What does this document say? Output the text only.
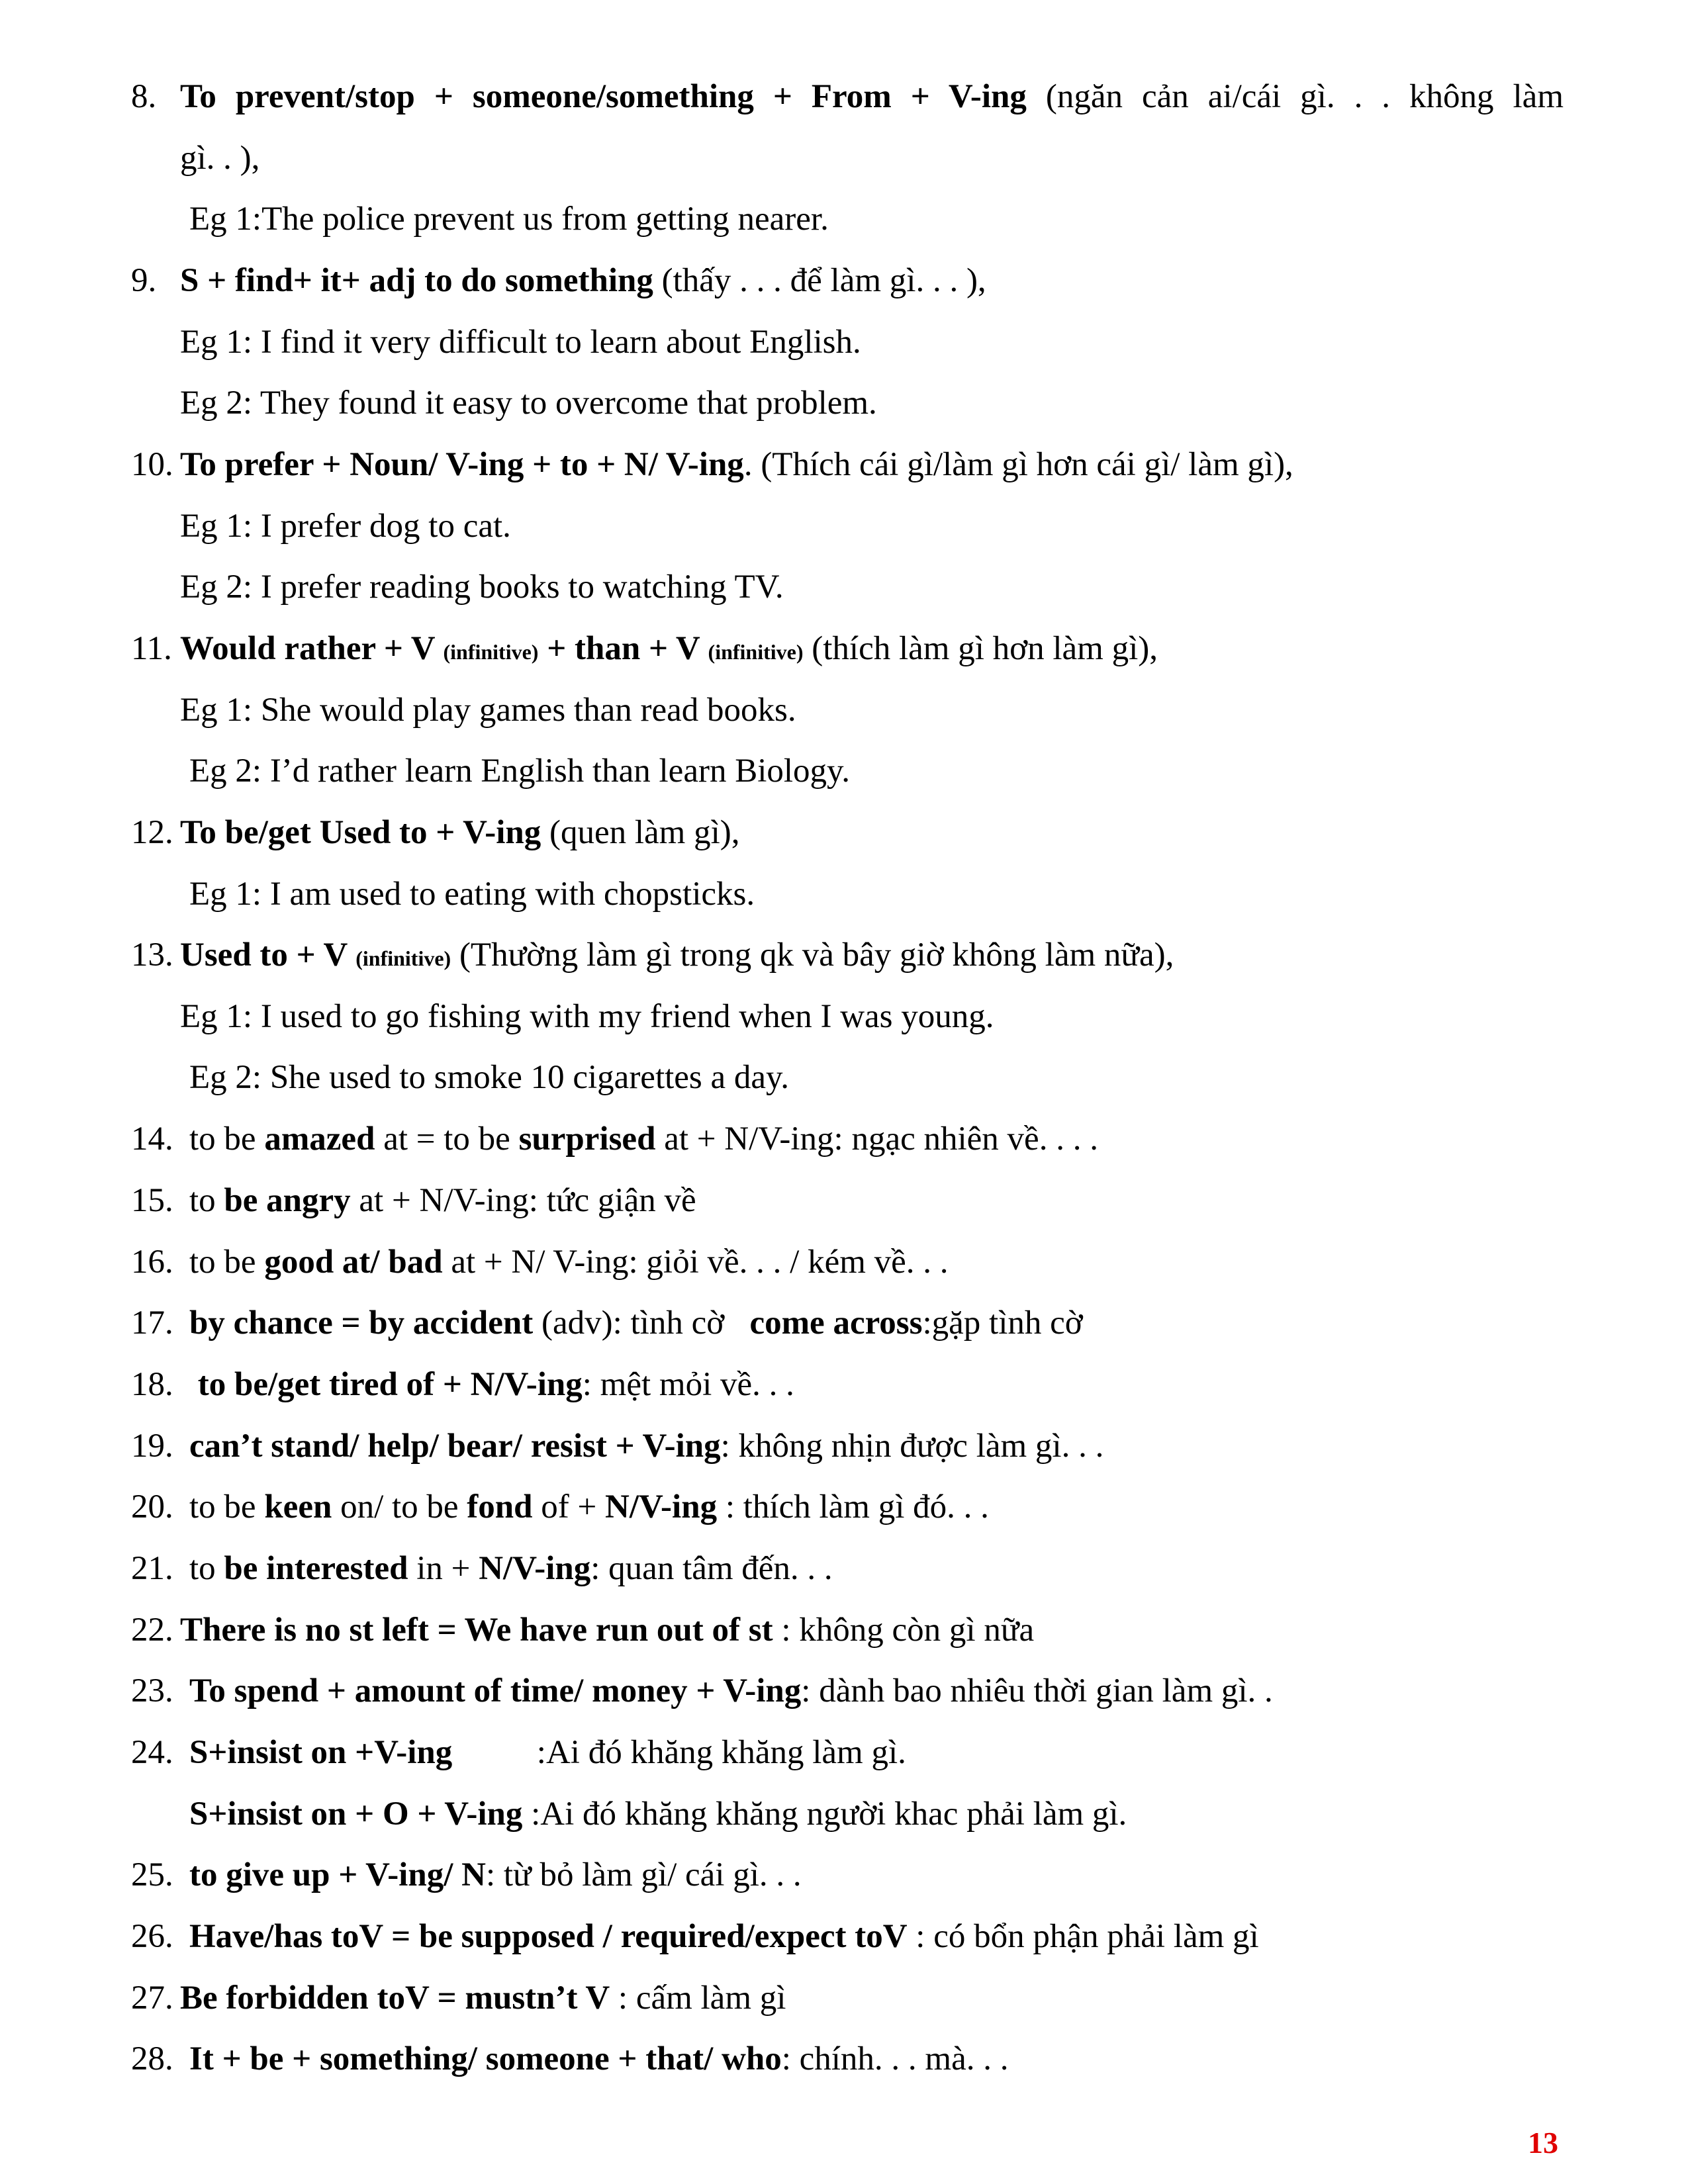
8. To prevent/stop + someone/something + From + V-ing (ngăn cản ai/cái gì. . . không làm
gì. . ),
Eg 1:The police prevent us from getting nearer.
9. S + find+ it+ adj to do something (thấy . . . để làm gì. . . ),
Eg 1: I find it very difficult to learn about English.
Eg 2: They found it easy to overcome that problem.
10. To prefer + Noun/ V-ing + to + N/ V-ing. (Thích cái gì/làm gì hơn cái gì/ làm gì),
Eg 1: I prefer dog to cat.
Eg 2: I prefer reading books to watching TV.
11. Would rather + V (infinitive) + than + V (infinitive) (thích làm gì hơn làm gì),
Eg 1: She would play games than read books.
Eg 2: I’d rather learn English than learn Biology.
12. To be/get Used to + V-ing (quen làm gì),
Eg 1: I am used to eating with chopsticks.
13. Used to + V (infinitive) (Thường làm gì trong qk và bây giờ không làm nữa),
Eg 1: I used to go fishing with my friend when I was young.
Eg 2: She used to smoke 10 cigarettes a day.
14. to be amazed at = to be surprised at + N/V-ing: ngạc nhiên về. . . .
15. to be angry at + N/V-ing: tức giận về
16. to be good at/ bad at + N/ V-ing: giỏi về. . . / kém về. . .
17. by chance = by accident (adv): tình cờ   come across:gặp tình cờ
18. to be/get tired of + N/V-ing: mệt mỏi về. . .
19. can’t stand/ help/ bear/ resist + V-ing: không nhịn được làm gì. . .
20. to be keen on/ to be fond of + N/V-ing : thích làm gì đó. . .
21. to be interested in + N/V-ing: quan tâm đến. . .
22. There is no st left = We have run out of st : không còn gì nữa
23. To spend + amount of time/ money + V-ing: dành bao nhiêu thời gian làm gì. .
24. S+insist on +V-ing          :Ai đó khăng khăng làm gì.
S+insist on + O + V-ing :Ai đó khăng khăng người khac phải làm gì.
25. to give up + V-ing/ N: từ bỏ làm gì/ cái gì. . .
26. Have/has toV = be supposed / required/expect toV : có bổn phận phải làm gì
27. Be forbidden toV = mustn’t V : cấm làm gì
28. It + be + something/ someone + that/ who: chính. . . mà. . .
13
